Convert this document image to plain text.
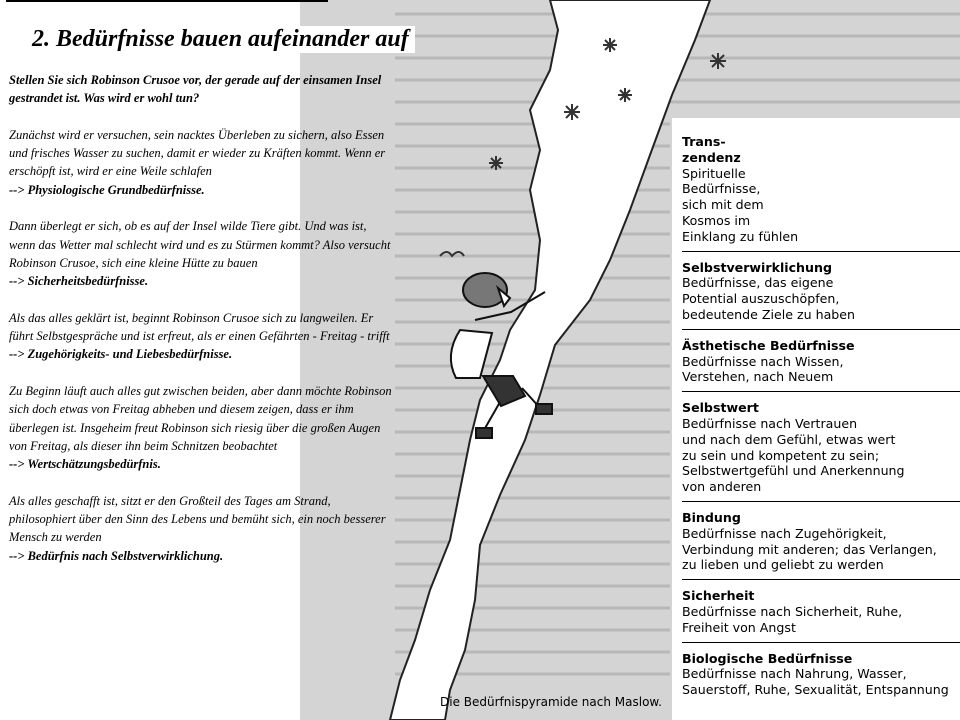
2. Bedürfnisse bauen aufeinander auf

Stellen Sie sich Robinson Crusoe vor, der gerade auf der einsamen Insel gestrandet ist. Was wird er wohl tun?

Zunächst wird er versuchen, sein nacktes Überleben zu sichern, also Essen und frisches Wasser zu suchen, damit er wieder zu Kräften kommt. Wenn er erschöpft ist, wird er eine Weile schlafen
--> Physiologische Grundbedürfnisse.

Dann überlegt er sich, ob es auf der Insel wilde Tiere gibt. Und was ist, wenn das Wetter mal schlecht wird und es zu Stürmen kommt? Also versucht Robinson Crusoe, sich eine kleine Hütte zu bauen
--> Sicherheitsbedürfnisse.

Als das alles geklärt ist, beginnt Robinson Crusoe sich zu langweilen. Er führt Selbstgespräche und ist erfreut, als er einen Gefährten - Freitag - trifft
--> Zugehörigkeits- und Liebesbedürfnisse.

Zu Beginn läuft auch alles gut zwischen beiden, aber dann möchte Robinson sich doch etwas von Freitag abheben und diesem zeigen, dass er ihm überlegen ist. Insgeheim freut Robinson sich riesig über die großen Augen von Freitag, als dieser ihn beim Schnitzen beobachtet
--> Wertschätzungsbedürfnis.

Als alles geschafft ist, sitzt er den Großteil des Tages am Strand, philosophiert über den Sinn des Lebens und bemüht sich, ein noch besserer Mensch zu werden
--> Bedürfnis nach Selbstverwirklichung.

Trans-
zendenz
Spirituelle
Bedürfnisse,
sich mit dem
Kosmos im
Einklang zu fühlen
Selbstverwirklichung
Bedürfnisse, das eigene
Potential auszuschöpfen,
bedeutende Ziele zu haben
Ästhetische Bedürfnisse
Bedürfnisse nach Wissen,
Verstehen, nach Neuem
Selbstwert
Bedürfnisse nach Vertrauen
und nach dem Gefühl, etwas wert
zu sein und kompetent zu sein;
Selbstwertgefühl und Anerkennung
von anderen
Bindung
Bedürfnisse nach Zugehörigkeit,
Verbindung mit anderen; das Verlangen,
zu lieben und geliebt zu werden
Sicherheit
Bedürfnisse nach Sicherheit, Ruhe,
Freiheit von Angst
Biologische Bedürfnisse
Bedürfnisse nach Nahrung, Wasser,
Sauerstoff, Ruhe, Sexualität, Entspannung
Die Bedürfnispyramide nach Maslow.
